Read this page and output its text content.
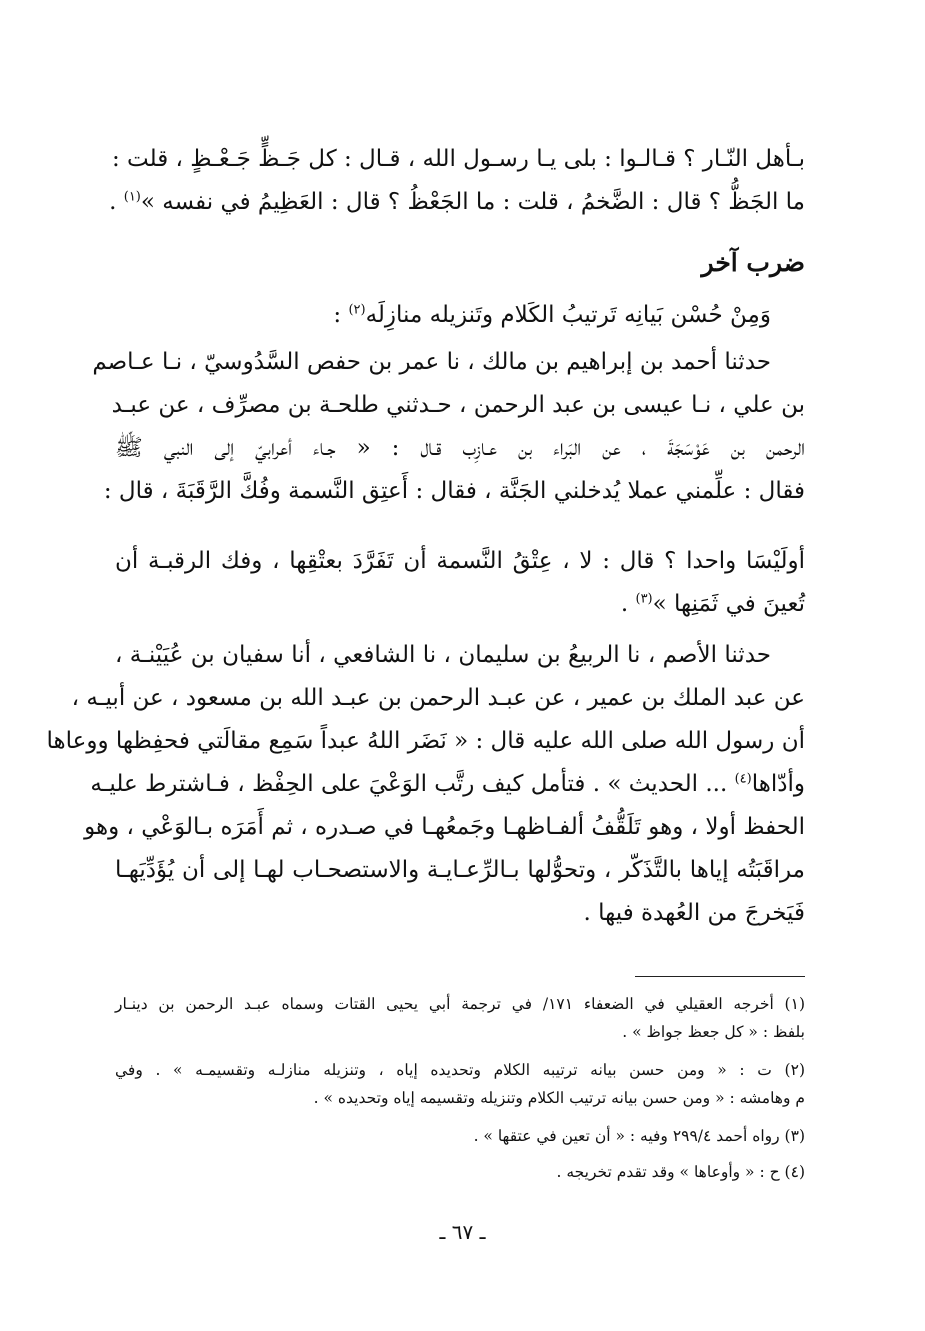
بـأهل النّـار ؟ قـالـوا : بلى يـا رسـول الله ، قـال : كل جَـظٍّ جَـعْـظٍ ، قلت :
ما الجَظُّ ؟ قال : الضَّخمُ ، قلت : ما الجَعْظُ ؟ قال : العَظِيمُ في نفسه »$^{(١)}$ .
ضرب آخر
وَمِنْ حُسْن بَيانِه تَرتيبُ الكَلام وتَنزيله منازِلَه$^{(٢)}$ :
حدثنا أحمد بن إبراهيم بن مالك ، نا عمر بن حفص السَّدُوسيّ ، نـا عـاصم
بن علي ، نـا عيسى بن عبد الرحمن ، حـدثني طلحـة بن مصرِّف ، عن عبـد
الرحمن بن عَوْسَجَةَ ، عن البَراء بن عـازِب قـال : « جـاء أعرابيّ إلى النبي ﷺ
فقال : علِّمني عملا يُدخلني الجَنَّة ، فقال : أَعتِق النَّسمة وفُكَّ الرَّقَبَةَ ، قال :
أولَيْسَا واحدا ؟ قال : لا ، عِتْقُ النَّسمة أن تَفَرَّدَ بعتْقِها ، وفك الرقبـة أن
تُعينَ في ثَمَنِها »$^{(٣)}$ .
حدثنا الأصم ، نا الربيعُ بن سليمان ، نا الشافعي ، أنا سفيان بن عُيَيْنـة ،
عن عبد الملك بن عمير ، عن عبـد الرحمن بن عبـد الله بن مسعود ، عن أبيـه ،
أن رسول الله صلى الله عليه قال : « نَضَر اللهُ عبداً سَمِع مقالَتي فحفِظها ووعاها
وأدّاها$^{(٤)}$ ... الحديث » . فتأمل كيف رتَّب الوَعْيَ على الحِفْظ ، فـاشترط عليـه
الحفظ أولا ، وهو تَلَقُّفُ ألفـاظهـا وجَمعُهـا في صـدره ، ثم أَمَرَه بـالوَعْي ، وهو
مراقَبَتُه إياها بالتَّذَكّر ، وتحوُّلها بـالرِّعـايـة والاستصحـاب لهـا إلى أن يُؤَدِّيَهـا
فَيَخرجَ من العُهدة فيها .
(١) أخرجه العقيلي في الضعفاء ١٧١/ في ترجمة أبي يحيى القتات وسماه عبـد الرحمن بن دينـار
بلفظ : « كل جعظ جواظ » .
(٢) ت : « ومن حسن بيانه ترتيبه الكلام وتحديده إياه ، وتنزيله منازلـه وتقسيمـه » . وفي
م وهامشه : « ومن حسن بيانه ترتيب الكلام وتنزيله وتقسيمه إياه وتحديده » .
(٣) رواه أحمد ٢٩٩/٤ وفيه : « أن تعين في عتقها » .
(٤) ح : « وأوعاها » وقد تقدم تخريجه .
ـ ٦٧ ـ
